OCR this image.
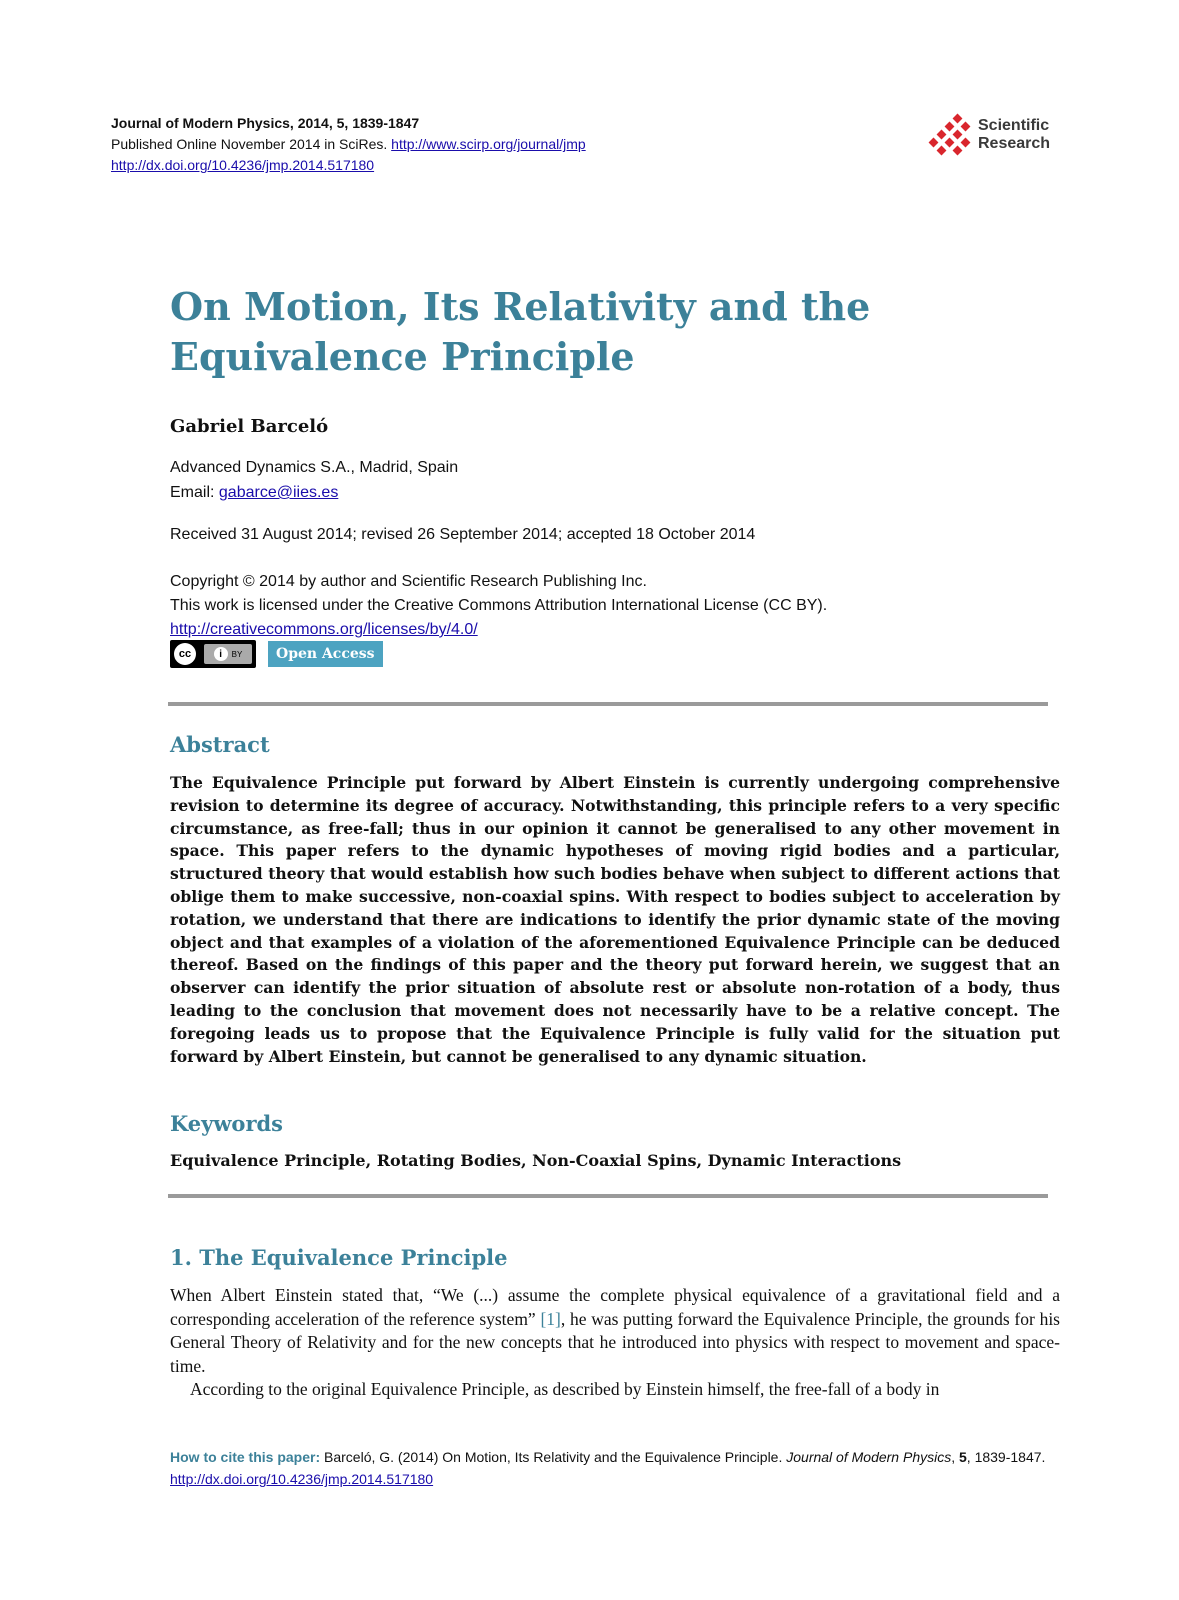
Journal of Modern Physics, 2014, 5, 1839-1847
Published Online November 2014 in SciRes. http://www.scirp.org/journal/jmp
http://dx.doi.org/10.4236/jmp.2014.517180
Scientific
Research
On Motion, Its Relativity and the
Equivalence Principle
Gabriel Barceló
Advanced Dynamics S.A., Madrid, Spain
Email: gabarce@iies.es
Received 31 August 2014; revised 26 September 2014; accepted 18 October 2014
Copyright © 2014 by author and Scientific Research Publishing Inc.
This work is licensed under the Creative Commons Attribution International License (CC BY).
http://creativecommons.org/licenses/by/4.0/
cc	i	BY	Open Access
Abstract

The Equivalence Principle put forward by Albert Einstein is currently undergoing comprehensive revision to determine its degree of accuracy. Notwithstanding, this principle refers to a very specific circumstance, as free-fall; thus in our opinion it cannot be generalised to any other movement in space. This paper refers to the dynamic hypotheses of moving rigid bodies and a particular, structured theory that would establish how such bodies behave when subject to different actions that oblige them to make successive, non-coaxial spins. With respect to bodies subject to acceleration by rotation, we understand that there are indications to identify the prior dynamic state of the moving object and that examples of a violation of the aforementioned Equivalence Principle can be deduced thereof. Based on the findings of this paper and the theory put forward herein, we suggest that an observer can identify the prior situation of absolute rest or absolute non-rotation of a body, thus leading to the conclusion that movement does not necessarily have to be a relative concept. The foregoing leads us to propose that the Equivalence Principle is fully valid for the situation put forward by Albert Einstein, but cannot be generalised to any dynamic situation.

Keywords
Equivalence Principle, Rotating Bodies, Non-Coaxial Spins, Dynamic Interactions
1. The Equivalence Principle

When Albert Einstein stated that, “We (...) assume the complete physical equivalence of a gravitational field and a corresponding acceleration of the reference system” [1], he was putting forward the Equivalence Principle, the grounds for his General Theory of Relativity and for the new concepts that he introduced into physics with respect to movement and space-time.

According to the original Equivalence Principle, as described by Einstein himself, the free-fall of a body in

How to cite this paper: Barceló, G. (2014) On Motion, Its Relativity and the Equivalence Principle. Journal of Modern Physics, 5, 1839-1847. http://dx.doi.org/10.4236/jmp.2014.517180
